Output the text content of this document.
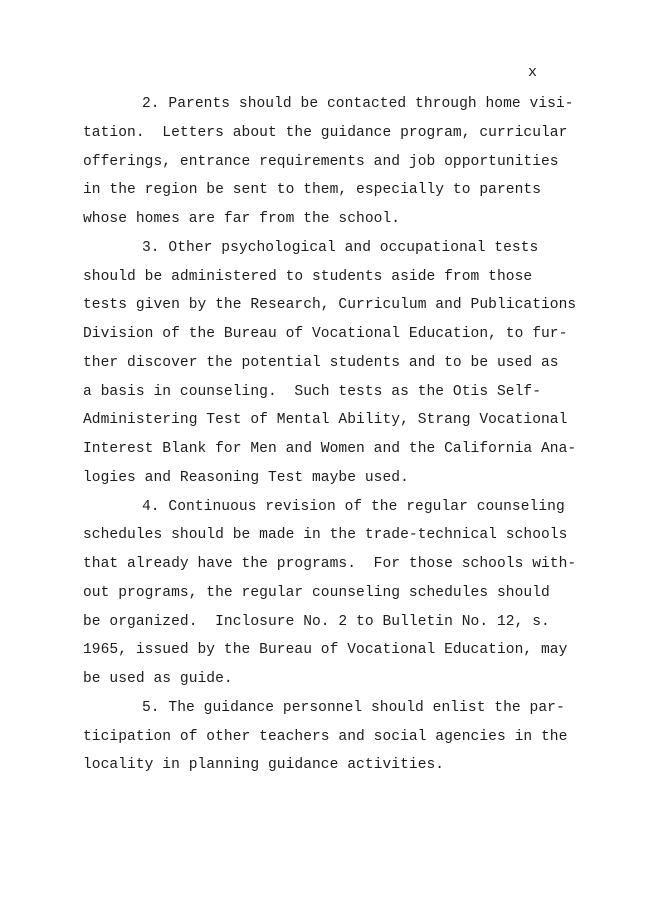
x
2. Parents should be contacted through home visi-
tation.  Letters about the guidance program, curricular
offerings, entrance requirements and job opportunities
in the region be sent to them, especially to parents
whose homes are far from the school.
3. Other psychological and occupational tests
should be administered to students aside from those
tests given by the Research, Curriculum and Publications
Division of the Bureau of Vocational Education, to fur-
ther discover the potential students and to be used as
a basis in counseling.  Such tests as the Otis Self-
Administering Test of Mental Ability, Strang Vocational
Interest Blank for Men and Women and the California Ana-
logies and Reasoning Test maybe used.
4. Continuous revision of the regular counseling
schedules should be made in the trade-technical schools
that already have the programs.  For those schools with-
out programs, the regular counseling schedules should
be organized.  Inclosure No. 2 to Bulletin No. 12, s.
1965, issued by the Bureau of Vocational Education, may
be used as guide.
5. The guidance personnel should enlist the par-
ticipation of other teachers and social agencies in the
locality in planning guidance activities.
